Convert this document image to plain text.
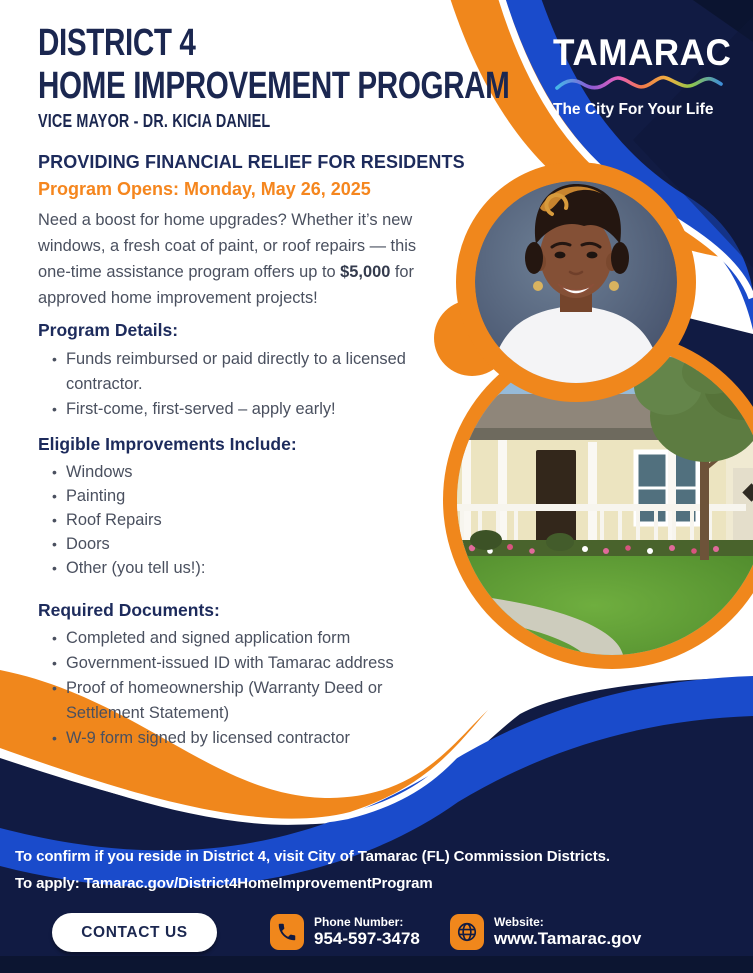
DISTRICT 4
HOME IMPROVEMENT PROGRAM
VICE MAYOR - DR. KICIA DANIEL
TAMARAC
The City For Your Life
PROVIDING FINANCIAL RELIEF FOR RESIDENTS
Program Opens: Monday, May 26, 2025
Need a boost for home upgrades? Whether it’s new windows, a fresh coat of paint, or roof repairs — this one-time assistance program offers up to $5,000 for approved home improvement projects!
Program Details:
• Funds reimbursed or paid directly to a licensed contractor.
• First-come, first-served – apply early!
Eligible Improvements Include:
• Windows
• Painting
• Roof Repairs
• Doors
• Other (you tell us!):
Required Documents:
• Completed and signed application form
• Government-issued ID with Tamarac address
• Proof of homeownership (Warranty Deed or Settlement Statement)
• W-9 form signed by licensed contractor
To confirm if you reside in District 4, visit City of Tamarac (FL) Commission Districts.
To apply: Tamarac.gov/District4HomeImprovementProgram
CONTACT US
Phone Number:
954-597-3478
Website:
www.Tamarac.gov
